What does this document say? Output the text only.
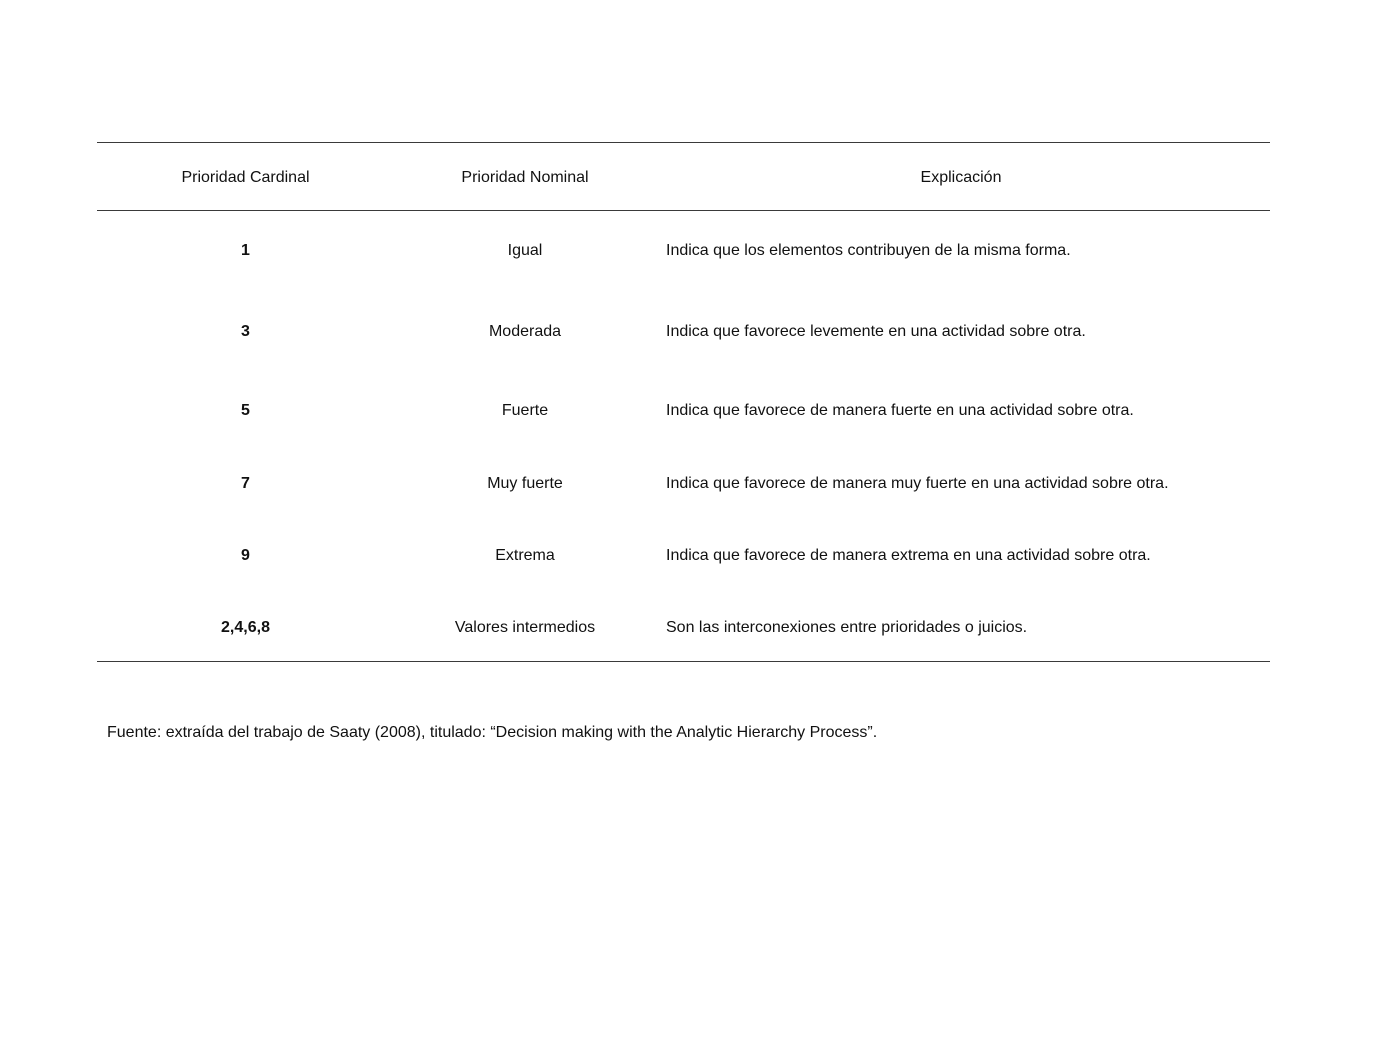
Prioridad Cardinal	Prioridad Nominal	Explicación
1	Igual	Indica que los elementos contribuyen de la misma forma.
3	Moderada	Indica que favorece levemente en una actividad sobre otra.
5	Fuerte	Indica que favorece de manera fuerte en una actividad sobre otra.
7	Muy fuerte	Indica que favorece de manera muy fuerte en una actividad sobre otra.
9	Extrema	Indica que favorece de manera extrema en una actividad sobre otra.
2,4,6,8	Valores intermedios	Son las interconexiones entre prioridades o juicios.
Fuente: extraída del trabajo de Saaty (2008), titulado: “Decision making with the Analytic Hierarchy Process”.
